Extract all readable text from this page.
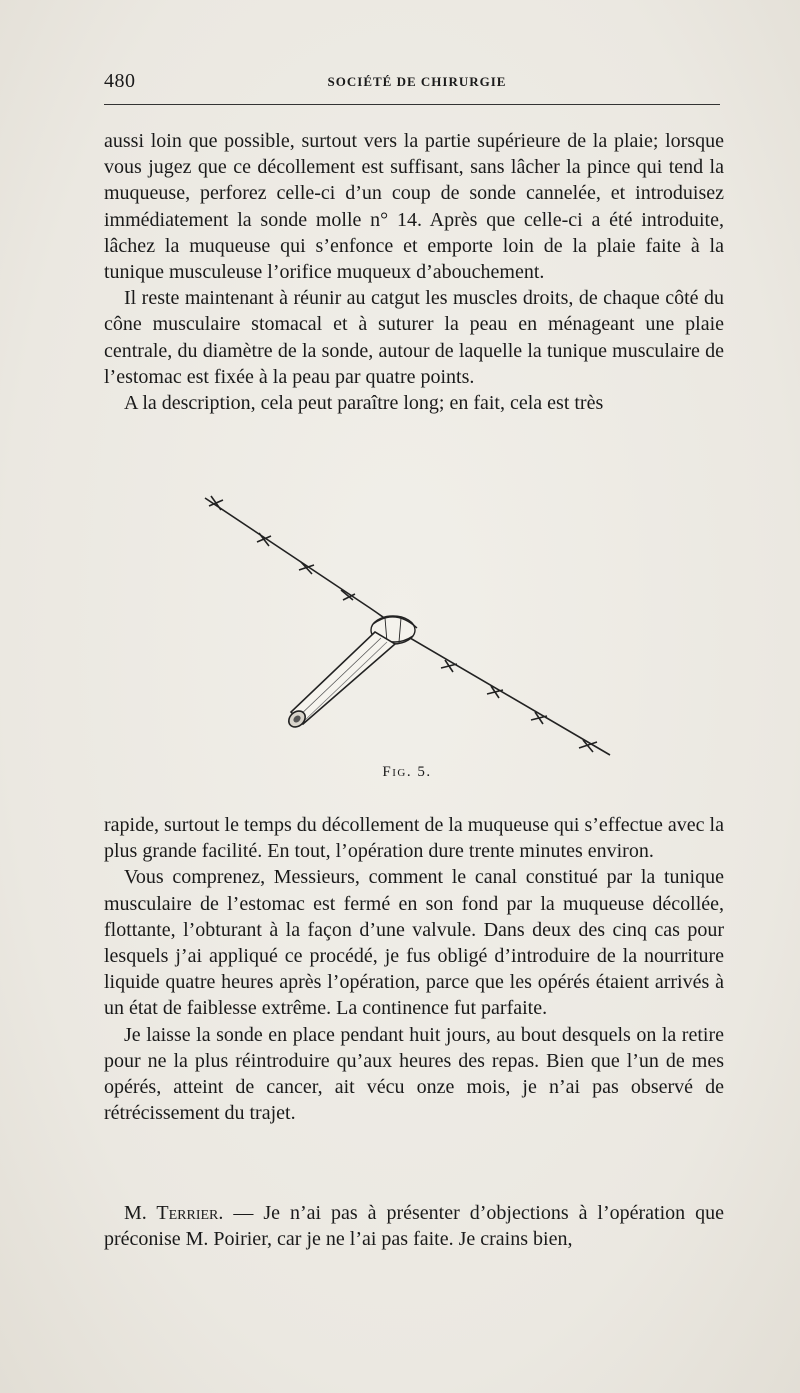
480	SOCIÉTÉ DE CHIRURGIE

aussi loin que possible, surtout vers la partie supérieure de la plaie; lorsque vous jugez que ce décollement est suffisant, sans lâcher la pince qui tend la muqueuse, perforez celle-ci d’un coup de sonde cannelée, et introduisez immédiatement la sonde molle n° 14. Après que celle-ci a été introduite, lâchez la muqueuse qui s’enfonce et emporte loin de la plaie faite à la tunique musculeuse l’orifice muqueux d’abouchement.

Il reste maintenant à réunir au catgut les muscles droits, de chaque côté du cône musculaire stomacal et à suturer la peau en ménageant une plaie centrale, du diamètre de la sonde, autour de laquelle la tunique musculaire de l’estomac est fixée à la peau par quatre points.

A la description, cela peut paraître long; en fait, cela est très

Fig. 5.

rapide, surtout le temps du décollement de la muqueuse qui s’effectue avec la plus grande facilité. En tout, l’opération dure trente minutes environ.

Vous comprenez, Messieurs, comment le canal constitué par la tunique musculaire de l’estomac est fermé en son fond par la muqueuse décollée, flottante, l’obturant à la façon d’une valvule. Dans deux des cinq cas pour lesquels j’ai appliqué ce procédé, je fus obligé d’introduire de la nourriture liquide quatre heures après l’opération, parce que les opérés étaient arrivés à un état de faiblesse extrême. La continence fut parfaite.

Je laisse la sonde en place pendant huit jours, au bout desquels on la retire pour ne la plus réintroduire qu’aux heures des repas. Bien que l’un de mes opérés, atteint de cancer, ait vécu onze mois, je n’ai pas observé de rétrécissement du trajet.

M. Terrier. — Je n’ai pas à présenter d’objections à l’opération que préconise M. Poirier, car je ne l’ai pas faite. Je crains bien,
